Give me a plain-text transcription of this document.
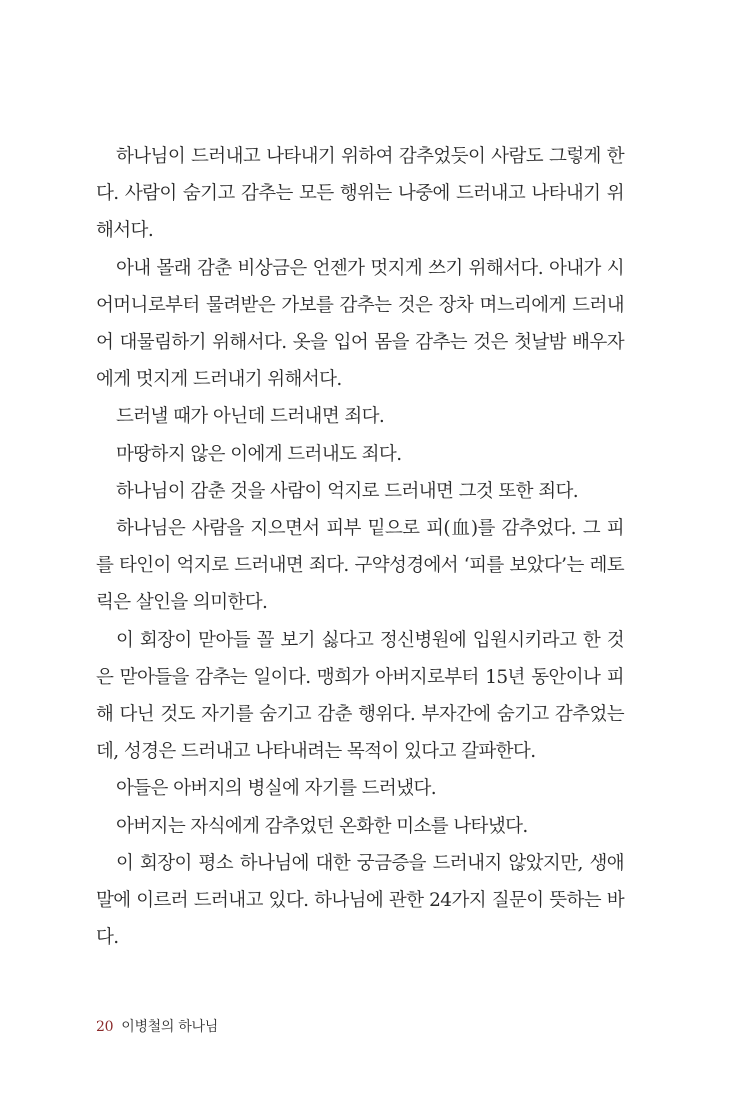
하나님이 드러내고 나타내기 위하여 감추었듯이 사람도 그렇게 한다. 사람이 숨기고 감추는 모든 행위는 나중에 드러내고 나타내기 위해서다.

아내 몰래 감춘 비상금은 언젠가 멋지게 쓰기 위해서다. 아내가 시어머니로부터 물려받은 가보를 감추는 것은 장차 며느리에게 드러내어 대물림하기 위해서다. 옷을 입어 몸을 감추는 것은 첫날밤 배우자에게 멋지게 드러내기 위해서다.

드러낼 때가 아닌데 드러내면 죄다.

마땅하지 않은 이에게 드러내도 죄다.

하나님이 감춘 것을 사람이 억지로 드러내면 그것 또한 죄다.

하나님은 사람을 지으면서 피부 밑으로 피(血)를 감추었다. 그 피를 타인이 억지로 드러내면 죄다. 구약성경에서 ‘피를 보았다’는 레토릭은 살인을 의미한다.

이 회장이 맏아들 꼴 보기 싫다고 정신병원에 입원시키라고 한 것은 맏아들을 감추는 일이다. 맹희가 아버지로부터 15년 동안이나 피해 다닌 것도 자기를 숨기고 감춘 행위다. 부자간에 숨기고 감추었는데, 성경은 드러내고 나타내려는 목적이 있다고 갈파한다.

아들은 아버지의 병실에 자기를 드러냈다.

아버지는 자식에게 감추었던 온화한 미소를 나타냈다.

이 회장이 평소 하나님에 대한 궁금증을 드러내지 않았지만, 생애 말에 이르러 드러내고 있다. 하나님에 관한 24가지 질문이 뜻하는 바다.

20 이병철의 하나님
